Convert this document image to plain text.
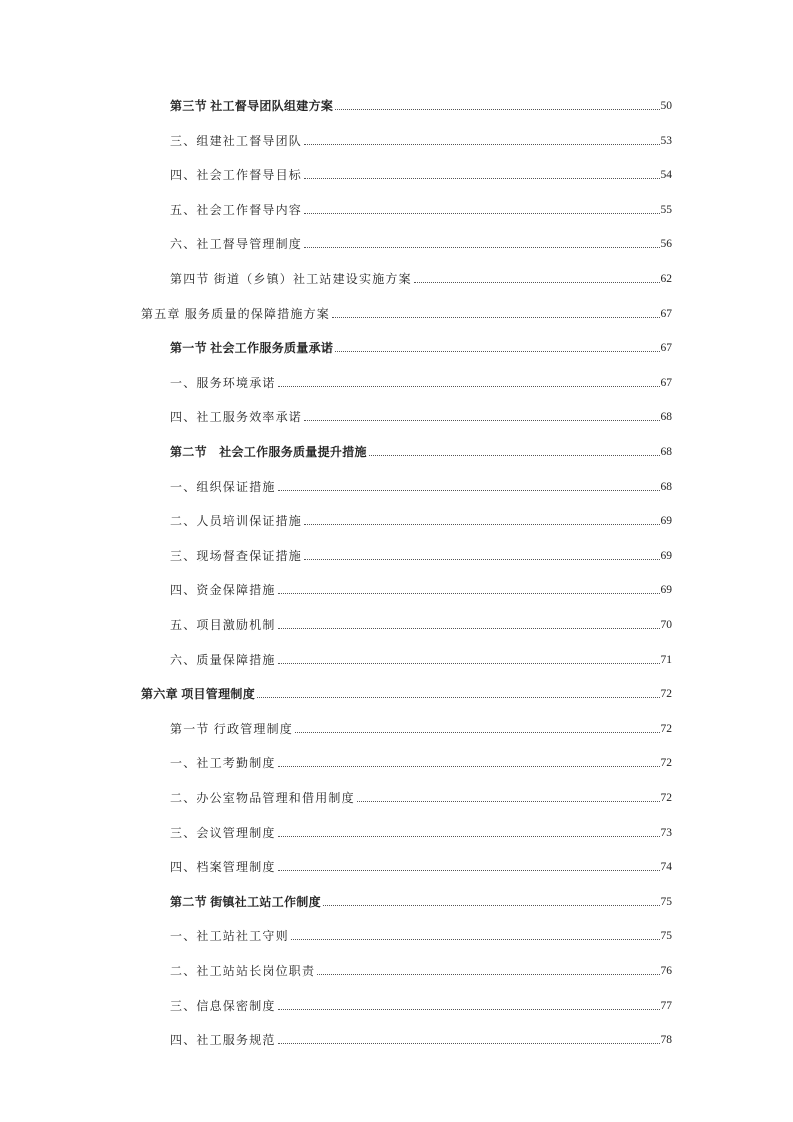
第三节 社工督导团队组建方案	50
三、组建社工督导团队	53
四、社会工作督导目标	54
五、社会工作督导内容	55
六、社工督导管理制度	56
第四节 街道（乡镇）社工站建设实施方案	62
第五章 服务质量的保障措施方案	67
第一节 社会工作服务质量承诺	67
一、服务环境承诺	67
四、社工服务效率承诺	68
第二节　社会工作服务质量提升措施	68
一、组织保证措施	68
二、人员培训保证措施	69
三、现场督查保证措施	69
四、资金保障措施	69
五、项目激励机制	70
六、质量保障措施	71
第六章 项目管理制度	72
第一节 行政管理制度	72
一、社工考勤制度	72
二、办公室物品管理和借用制度	72
三、会议管理制度	73
四、档案管理制度	74
第二节 街镇社工站工作制度	75
一、社工站社工守则	75
二、社工站站长岗位职责	76
三、信息保密制度	77
四、社工服务规范	78
